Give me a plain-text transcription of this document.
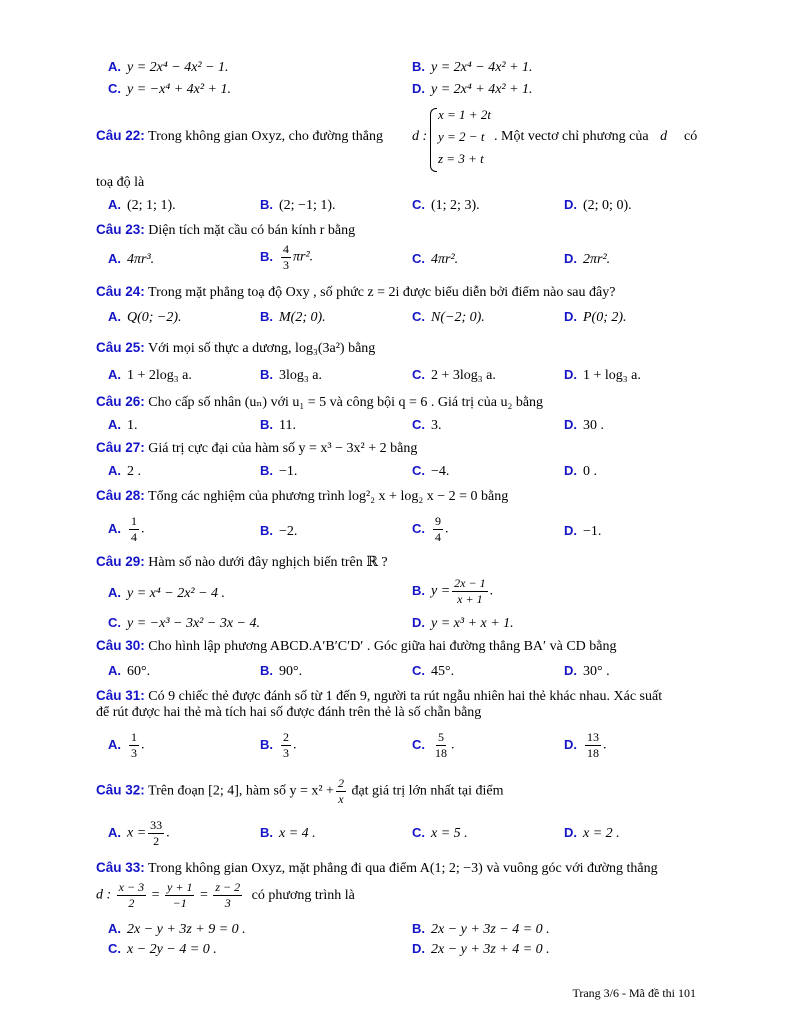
A. y = 2x⁴ − 4x² − 1.	B. y = 2x⁴ − 4x² + 1.
C. y = −x⁴ + 4x² + 1.	D. y = 2x⁴ + 4x² + 1.
Câu 22: Trong không gian Oxyz, cho đường thẳng d :
x = 1 + 2t
y = 2 − t
z = 3 + t
. Một vectơ chỉ phương của d có
toạ độ là
A. (2; 1; 1).	B. (2; −1; 1).	C. (1; 2; 3).	D. (2; 0; 0).
Câu 23: Diện tích mặt cầu có bán kính r bằng
A. 4πr³.	B. $\frac{4}{3} \pi r^2$.	C. 4πr².	D. 2πr².
Câu 24: Trong mặt phẳng toạ độ Oxy , số phức z = 2i được biểu diễn bởi điểm nào sau đây?
A. Q(0; −2).	B. M(2; 0).	C. N(−2; 0).	D. P(0; 2).
Câu 25: Với mọi số thực a dương, log₃(3a²) bằng
A. 1 + 2log₃ a.	B. 3log₃ a.	C. 2 + 3log₃ a.	D. 1 + log₃ a.
Câu 26: Cho cấp số nhân (uₙ) với u₁ = 5 và công bội q = 6 . Giá trị của u₂ bằng
A. 1.	B. 11.	C. 3.	D. 30 .
Câu 27: Giá trị cực đại của hàm số y = x³ − 3x² + 2 bằng
A. 2 .	B. −1.	C. −4.	D. 0 .
Câu 28: Tổng các nghiệm của phương trình log²₂ x + log₂ x − 2 = 0 bằng
A. $\frac{1}{4}$ .	B. −2.	C. $\frac{9}{4}$ .	D. −1.
Câu 29: Hàm số nào dưới đây nghịch biến trên ℝ ?
A. y = x⁴ − 2x² − 4 .	B. $y = \frac{2x - 1}{x + 1}$ .
C. y = −x³ − 3x² − 3x − 4.	D. y = x³ + x + 1.
Câu 30: Cho hình lập phương ABCD.A′B′C′D′ . Góc giữa hai đường thẳng BA′ và CD bằng
A. 60°.	B. 90°.	C. 45°.	D. 30° .
Câu 31: Có 9 chiếc thẻ được đánh số từ 1 đến 9, người ta rút ngẫu nhiên hai thẻ khác nhau. Xác suất
để rút được hai thẻ mà tích hai số được đánh trên thẻ là số chẵn bằng
A. $\frac{1}{3}$ .	B. $\frac{2}{3}$ .	C. $\frac{5}{18}$ .	D. $\frac{13}{18}$ .
Câu 32: Trên đoạn [2; 4], hàm số $y = x^2 + \frac{2}{x}$ đạt giá trị lớn nhất tại điểm
A. $x = \frac{33}{2}$ .	B. x = 4 .	C. x = 5 .	D. x = 2 .
Câu 33: Trong không gian Oxyz, mặt phẳng đi qua điểm A(1; 2; −3) và vuông góc với đường thẳng
d : $\frac{x - 3}{2} = \frac{y + 1}{-1} = \frac{z - 2}{3}$ có phương trình là
A. 2x − y + 3z + 9 = 0 .	B. 2x − y + 3z − 4 = 0 .
C. x − 2y − 4 = 0 .	D. 2x − y + 3z + 4 = 0 .
Trang 3/6 - Mã đề thi 101
